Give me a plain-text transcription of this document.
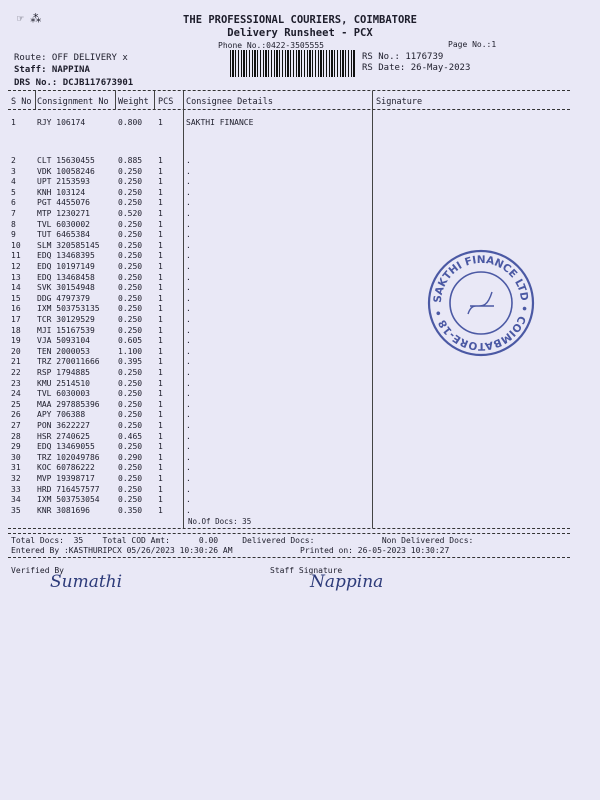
☞ ⁂	THE PROFESSIONAL COURIERS, COIMBATORE
Delivery Runsheet - PCX
Phone No.:0422-3505555	Page No.:1
Route: OFF DELIVERY x
Staff: NAPPINA
DRS No.: DCJB117673901
RS No.: 1176739
RS Date: 26-May-2023
S No Consignment No Weight PCS Consignee Details	Signature
1	RJY 106174	0.800 1	SAKTHI FINANCE
2	CLT 15630455	0.885 1	.
3	VDK 10058246	0.250 1	.
4	UPT 2153593	0.250 1	.
5	KNH 103124	0.250 1	.
6	PGT 4455076	0.250 1	.
7	MTP 1230271	0.520 1	.
8	TVL 6030002	0.250 1	.
9	TUT 6465384	0.250 1	.
10 SLM 320585145 0.250 1	.
11 EDQ 13468395	0.250 1	.
12 EDQ 10197149	0.250 1	.
13 EDQ 13468458	0.250 1	.
14 SVK 30154948	0.250 1	.
15 DDG 4797379	0.250 1	.
16 IXM 503753135 0.250 1	.
17 TCR 30129529	0.250 1	.
18 MJI 15167539	0.250 1	.
19 VJA 5093104	0.605 1	.
20 TEN 2000053	1.100 1	.
21 TRZ 270011666 0.395 1	.
22 RSP 1794885	0.250 1	.
23 KMU 2514510	0.250 1	.
24 TVL 6030003	0.250 1	.
25 MAA 297885396 0.250 1	.
26 APY 706388	0.250 1	.
27 PON 3622227	0.250 1	.
28 HSR 2740625	0.465 1	.
29 EDQ 13469055	0.250 1	.
30 TRZ 102049786 0.290 1	.
31 KOC 60786222	0.250 1	.
32 MVP 19398717	0.250 1	.
33 HRD 716457577 0.250 1	.
34 IXM 503753054 0.250 1	.
35 KNR 3081696	0.350 1	.
No.Of Docs: 35
SAKTHI FINANCE LTD • COIMBATORE-18 •
Total Docs:  35    Total COD Amt:      0.00     Delivered Docs:              Non Delivered Docs:
Entered By :KASTHURIPCX 05/26/2023 10:30:26 AM	Printed on: 26-05-2023 10:30:27
Verified By	Staff Signature
Sumathi	Nappina
